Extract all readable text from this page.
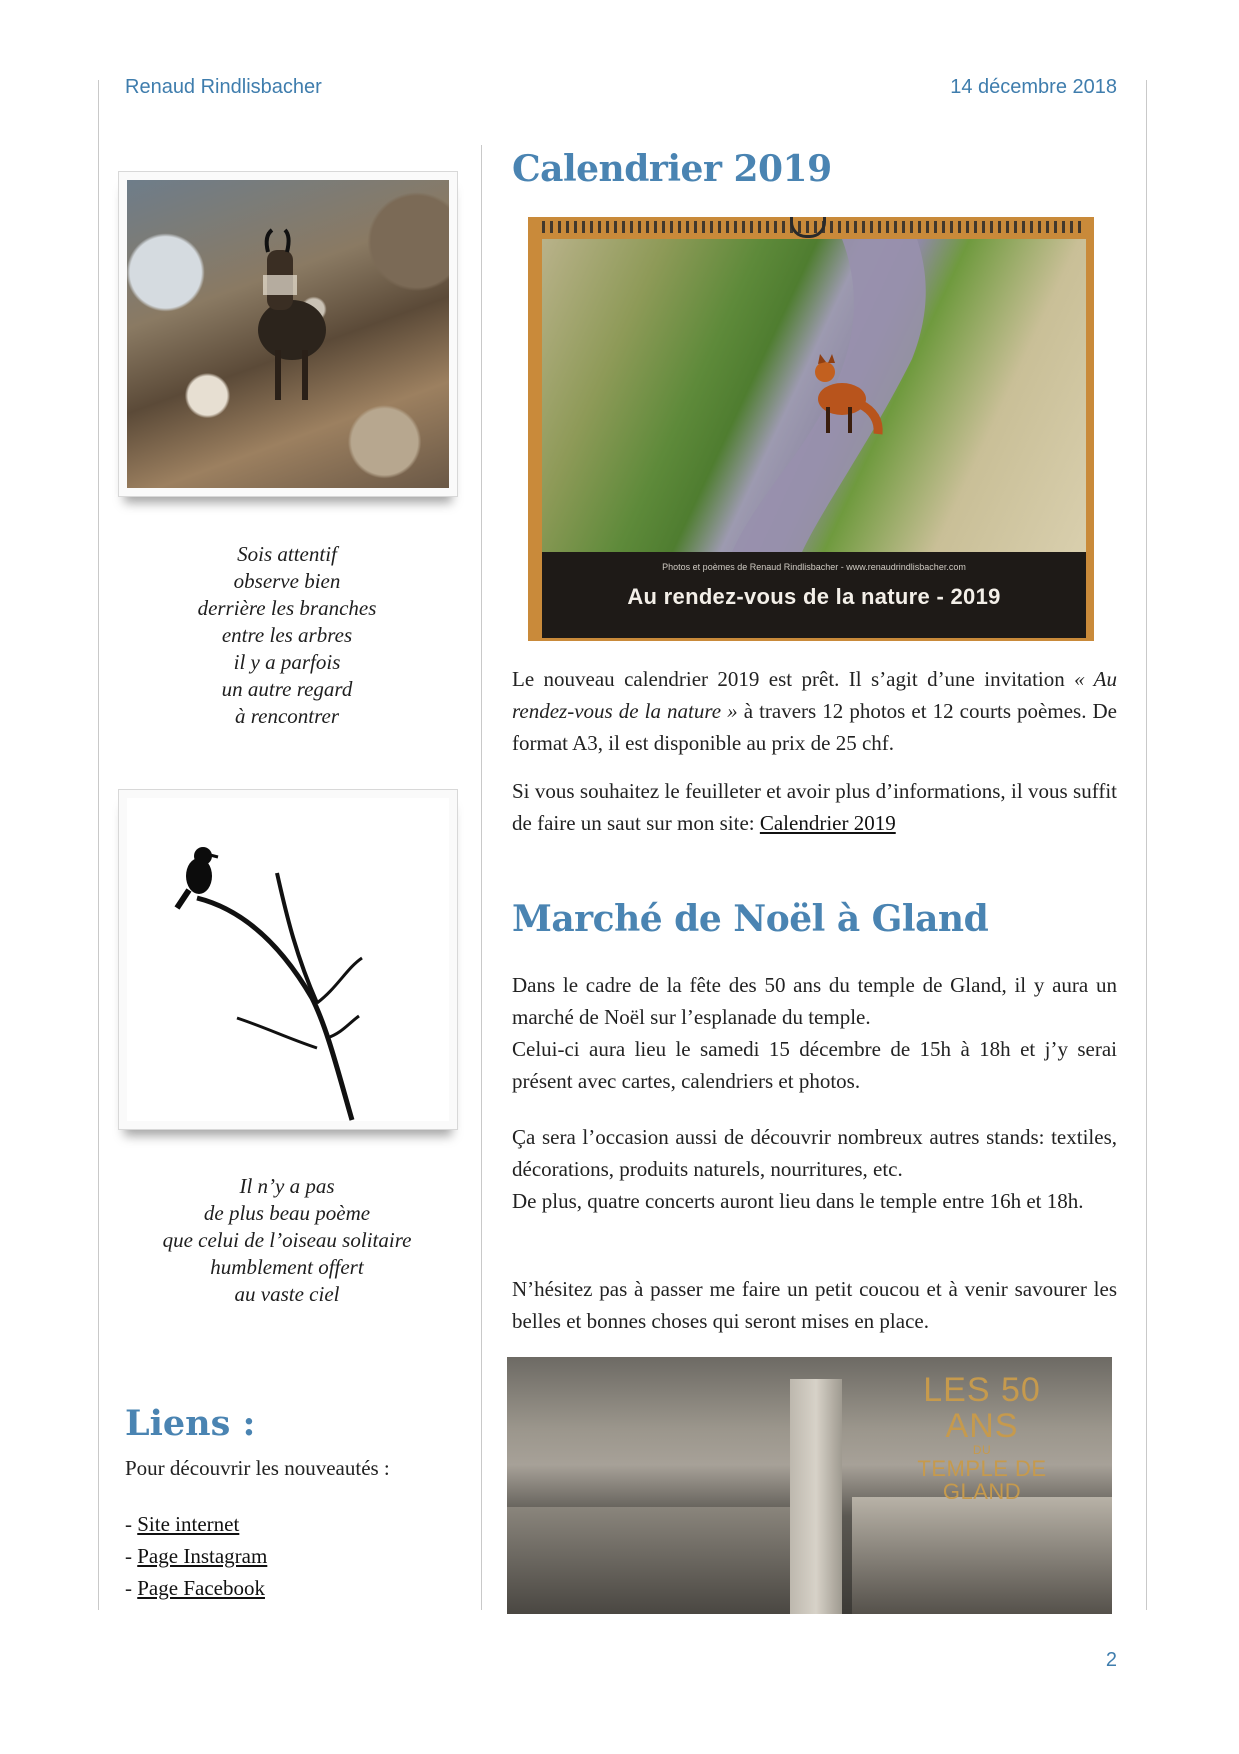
Renaud Rindlisbacher	14 décembre 2018
Sois attentif
observe bien
derrière les branches
entre les arbres
il y a parfois
un autre regard
à rencontrer
Il n’y a pas
de plus beau poème
que celui de l’oiseau solitaire
humblement offert
au vaste ciel
Liens :
Pour découvrir les nouveautés :
- Site internet
- Page Instagram
- Page Facebook
Calendrier 2019
Photos et poèmes de Renaud Rindlisbacher - www.renaudrindlisbacher.com
Au rendez-vous de la nature - 2019

Le nouveau calendrier 2019 est prêt. Il s’agit d’une invitation « Au rendez-vous de la nature » à travers 12 photos et 12 courts poèmes. De format A3, il est disponible au prix de 25 chf.

Si vous souhaitez le feuilleter et avoir plus d’informations, il vous suffit de faire un saut sur mon site: Calendrier 2019

Marché de Noël à Gland

Dans le cadre de la fête des 50 ans du temple de Gland, il y aura un marché de Noël sur l’esplanade du temple.
Celui-ci aura lieu le samedi 15 décembre de 15h à 18h et j’y serai présent avec cartes, calendriers et photos.

Ça sera l’occasion aussi de découvrir nombreux autres stands: textiles, décorations, produits naturels, nourritures, etc.
De plus, quatre concerts auront lieu dans le temple entre 16h et 18h.

N’hésitez pas à passer me faire un petit coucou et à venir savourer les belles et bonnes choses qui seront mises en place.

LES 50 ANS
DU
TEMPLE DE GLAND
2
